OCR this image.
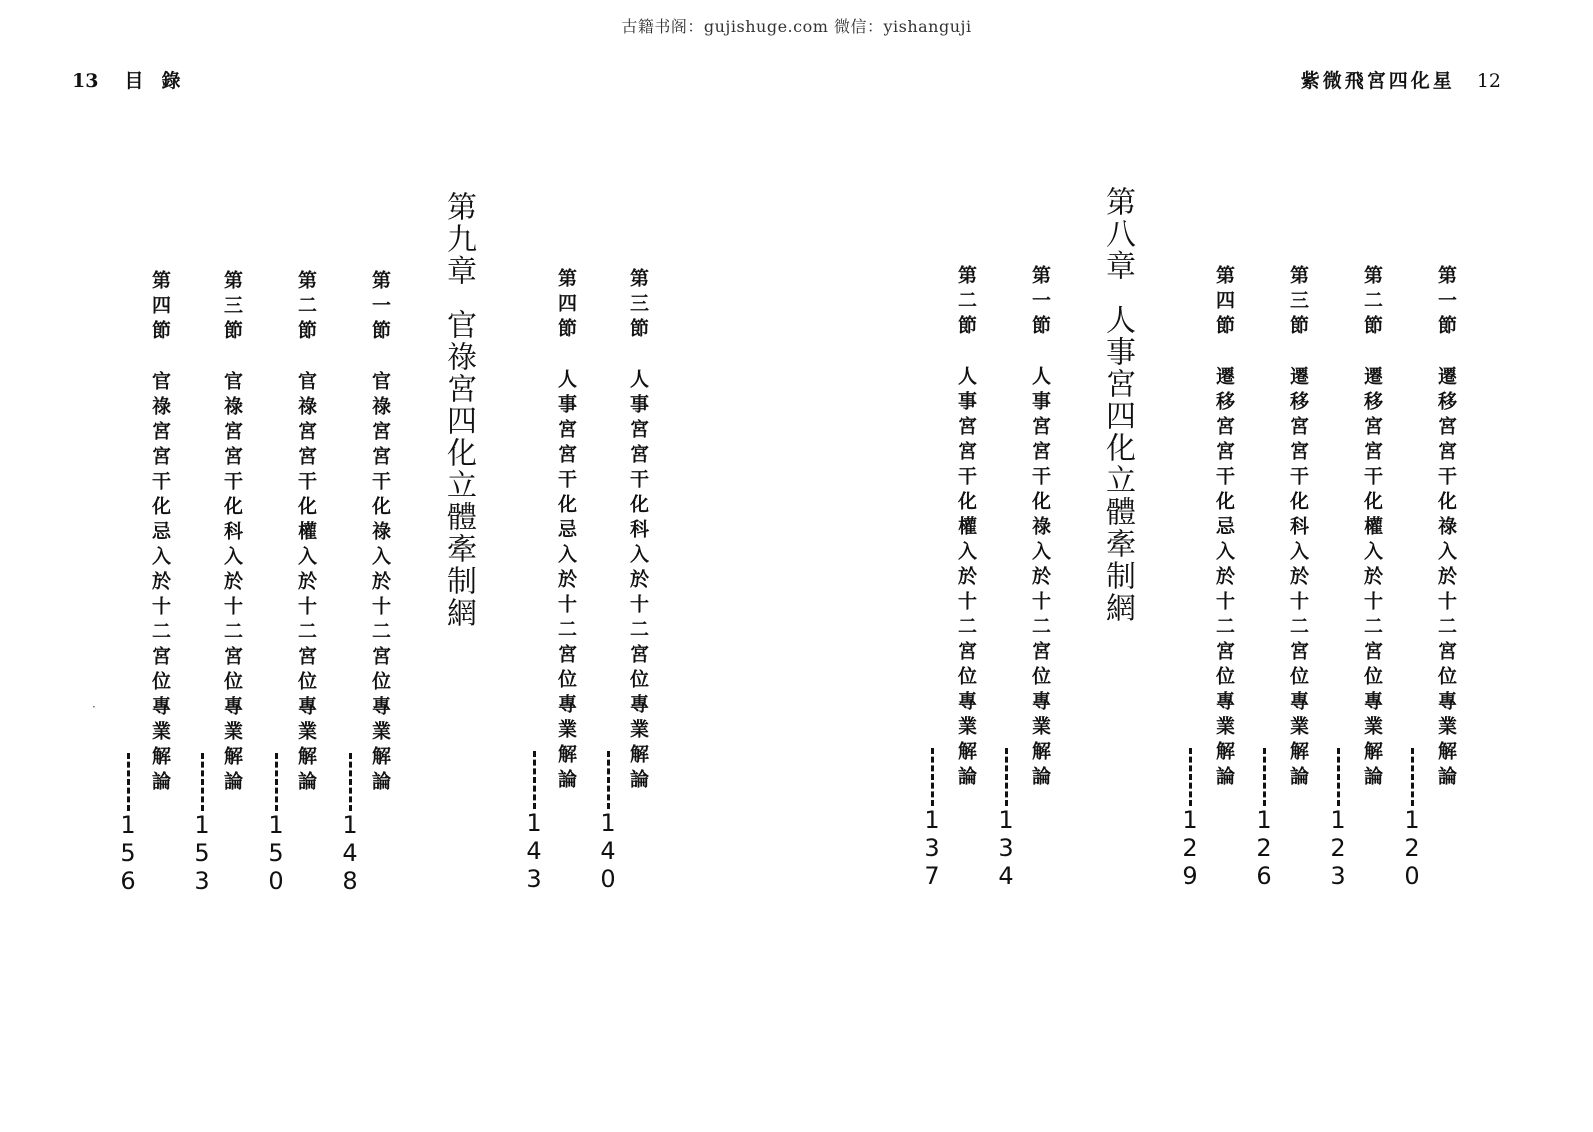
古籍书阁：gujishuge.com 微信：yishanguji
13 目錄	紫微飛宮四化星 12
第八章
人事宮四化立體牽制網
第九章
官祿宮四化立體牽制網
第一節
遷移宮宮干化祿入於十二宮位專業解論
120
第二節
遷移宮宮干化權入於十二宮位專業解論
123
第三節
遷移宮宮干化科入於十二宮位專業解論
126
第四節
遷移宮宮干化忌入於十二宮位專業解論
129
第一節
人事宮宮干化祿入於十二宮位專業解論
134
第二節
人事宮宮干化權入於十二宮位專業解論
137
第三節
人事宮宮干化科入於十二宮位專業解論
140
第四節
人事宮宮干化忌入於十二宮位專業解論
143
第一節
官祿宮宮干化祿入於十二宮位專業解論
148
第二節
官祿宮宮干化權入於十二宮位專業解論
150
第三節
官祿宮宮干化科入於十二宮位專業解論
153
第四節
官祿宮宮干化忌入於十二宮位專業解論
156
·
